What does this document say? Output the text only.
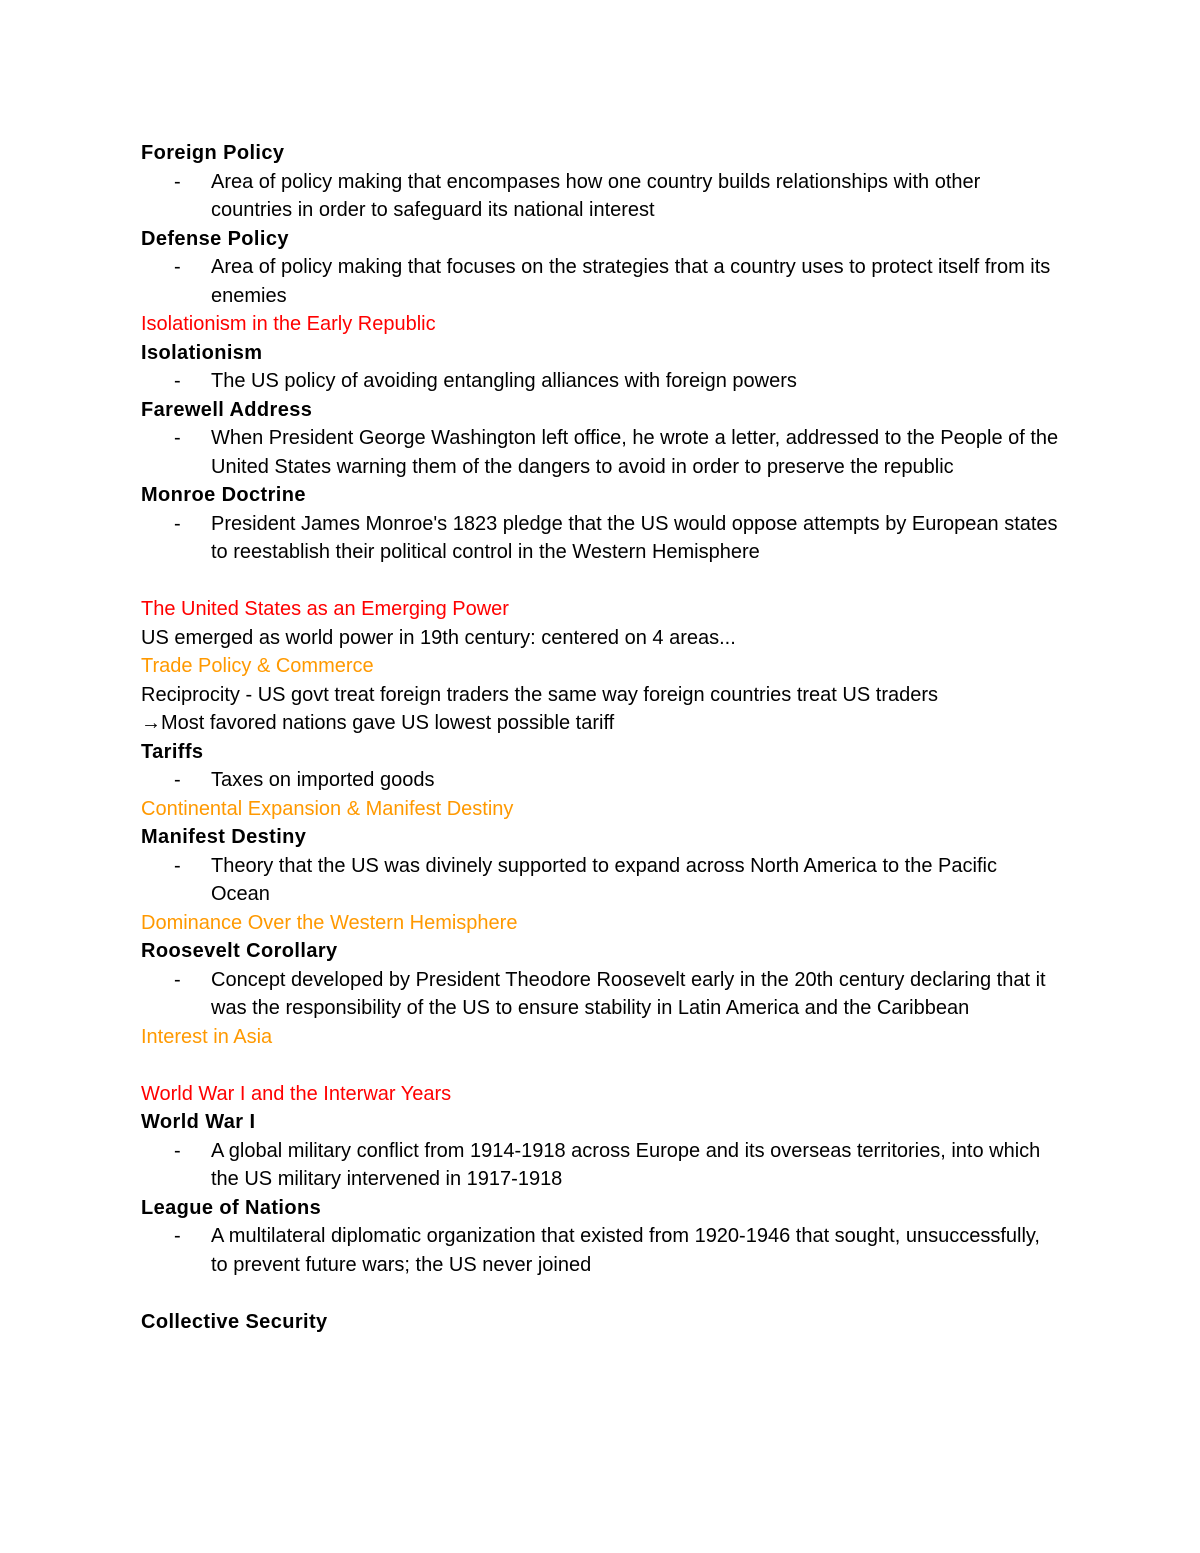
Foreign Policy
- Area of policy making that encompases how one country builds relationships with other countries in order to safeguard its national interest
Defense Policy
- Area of policy making that focuses on the strategies that a country uses to protect itself from its enemies
Isolationism in the Early Republic
Isolationism
- The US policy of avoiding entangling alliances with foreign powers
Farewell Address
- When President George Washington left office, he wrote a letter, addressed to the People of the United States warning them of the dangers to avoid in order to preserve the republic
Monroe Doctrine
- President James Monroe's 1823 pledge that the US would oppose attempts by European states to reestablish their political control in the Western Hemisphere
The United States as an Emerging Power
US emerged as world power in 19th century: centered on 4 areas...
Trade Policy & Commerce
Reciprocity - US govt treat foreign traders the same way foreign countries treat US traders
→Most favored nations gave US lowest possible tariff
Tariffs
- Taxes on imported goods
Continental Expansion & Manifest Destiny
Manifest Destiny
- Theory that the US was divinely supported to expand across North America to the Pacific Ocean
Dominance Over the Western Hemisphere
Roosevelt Corollary
- Concept developed by President Theodore Roosevelt early in the 20th century declaring that it was the responsibility of the US to ensure stability in Latin America and the Caribbean
Interest in Asia
World War I and the Interwar Years
World War I
- A global military conflict from 1914-1918 across Europe and its overseas territories, into which the US military intervened in 1917-1918
League of Nations
- A multilateral diplomatic organization that existed from 1920-1946 that sought, unsuccessfully, to prevent future wars; the US never joined
Collective Security
